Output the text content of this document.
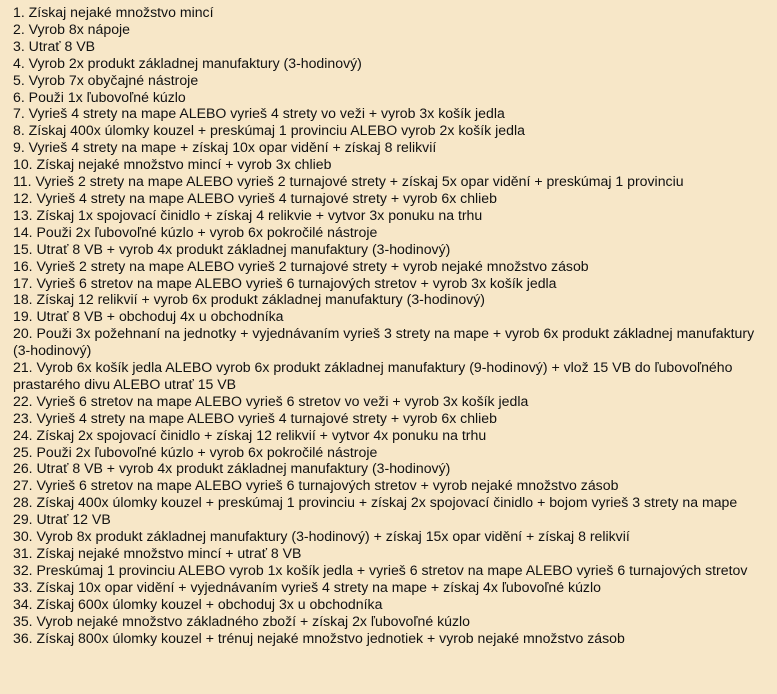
1. Získaj nejaké množstvo mincí
2. Vyrob 8x nápoje
3. Utrať 8 VB
4. Vyrob 2x produkt základnej manufaktury (3-hodinový)
5. Vyrob 7x obyčajné nástroje
6. Použi 1x ľubovoľné kúzlo
7. Vyrieš 4 strety na mape ALEBO vyrieš 4 strety vo veži + vyrob 3x košík jedla
8. Získaj 400x úlomky kouzel + preskúmaj 1 provinciu ALEBO vyrob 2x košík jedla
9. Vyrieš 4 strety na mape + získaj 10x opar vidění + získaj 8 relikvií
10. Získaj nejaké množstvo mincí + vyrob 3x chlieb
11. Vyrieš 2 strety na mape ALEBO vyrieš 2 turnajové strety + získaj 5x opar vidění + preskúmaj 1 provinciu
12. Vyrieš 4 strety na mape ALEBO vyrieš 4 turnajové strety + vyrob 6x chlieb
13. Získaj 1x spojovací činidlo + získaj 4 relikvie + vytvor 3x ponuku na trhu
14. Použi 2x ľubovoľné kúzlo + vyrob 6x pokročilé nástroje
15. Utrať 8 VB + vyrob 4x produkt základnej manufaktury (3-hodinový)
16. Vyrieš 2 strety na mape ALEBO vyrieš 2 turnajové strety + vyrob nejaké množstvo zásob
17. Vyrieš 6 stretov na mape ALEBO vyrieš 6 turnajových stretov + vyrob 3x košík jedla
18. Získaj 12 relikvií + vyrob 6x produkt základnej manufaktury (3-hodinový)
19. Utrať 8 VB + obchoduj 4x u obchodníka
20. Použi 3x požehnaní na jednotky + vyjednávaním vyrieš 3 strety na mape + vyrob 6x produkt základnej manufaktury (3-hodinový)
21. Vyrob 6x košík jedla ALEBO vyrob 6x produkt základnej manufaktury (9-hodinový) + vlož 15 VB do ľubovoľného prastarého divu ALEBO utrať 15 VB
22. Vyrieš 6 stretov na mape ALEBO vyrieš 6 stretov vo veži + vyrob 3x košík jedla
23. Vyrieš 4 strety na mape ALEBO vyrieš 4 turnajové strety + vyrob 6x chlieb
24. Získaj 2x spojovací činidlo + získaj 12 relikvií + vytvor 4x ponuku na trhu
25. Použi 2x ľubovoľné kúzlo + vyrob 6x pokročilé nástroje
26. Utrať 8 VB + vyrob 4x produkt základnej manufaktury (3-hodinový)
27. Vyrieš 6 stretov na mape ALEBO vyrieš 6 turnajových stretov + vyrob nejaké množstvo zásob
28. Získaj 400x úlomky kouzel + preskúmaj 1 provinciu + získaj 2x spojovací činidlo + bojom vyrieš 3 strety na mape
29. Utrať 12 VB
30. Vyrob 8x produkt základnej manufaktury (3-hodinový) + získaj 15x opar vidění + získaj 8 relikvií
31. Získaj nejaké množstvo mincí + utrať 8 VB
32. Preskúmaj 1 provinciu ALEBO vyrob 1x košík jedla + vyrieš 6 stretov na mape ALEBO vyrieš 6 turnajových stretov
33. Získaj 10x opar vidění + vyjednávaním vyrieš 4 strety na mape + získaj 4x ľubovoľné kúzlo
34. Získaj 600x úlomky kouzel + obchoduj 3x u obchodníka
35. Vyrob nejaké množstvo základného zboží + získaj 2x ľubovoľné kúzlo
36. Získaj 800x úlomky kouzel + trénuj nejaké množstvo jednotiek + vyrob nejaké množstvo zásob
